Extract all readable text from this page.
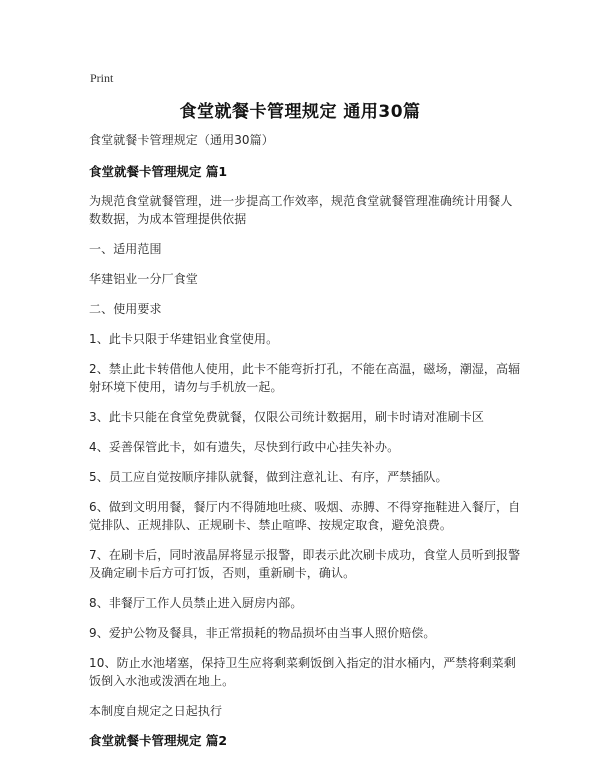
Print
食堂就餐卡管理规定 通用30篇
食堂就餐卡管理规定（通用30篇）
食堂就餐卡管理规定 篇1
为规范食堂就餐管理，进一步提高工作效率，规范食堂就餐管理准确统计用餐人数数据，为成本管理提供依据
一、适用范围
华建铝业一分厂食堂
二、使用要求
1、此卡只限于华建铝业食堂使用。
2、禁止此卡转借他人使用，此卡不能弯折打孔，不能在高温，磁场，潮湿，高辐射环境下使用，请勿与手机放一起。
3、此卡只能在食堂免费就餐，仅限公司统计数据用，刷卡时请对准刷卡区
4、妥善保管此卡，如有遗失，尽快到行政中心挂失补办。
5、员工应自觉按顺序排队就餐，做到注意礼让、有序，严禁插队。
6、做到文明用餐，餐厅内不得随地吐痰、吸烟、赤膊、不得穿拖鞋进入餐厅，自觉排队、正规排队、正规刷卡、禁止喧哗、按规定取食，避免浪费。
7、在刷卡后，同时液晶屏将显示报警，即表示此次刷卡成功，食堂人员听到报警及确定刷卡后方可打饭，否则，重新刷卡，确认。
8、非餐厅工作人员禁止进入厨房内部。
9、爱护公物及餐具，非正常损耗的物品损坏由当事人照价赔偿。
10、防止水池堵塞，保持卫生应将剩菜剩饭倒入指定的泔水桶内，严禁将剩菜剩饭倒入水池或泼洒在地上。
本制度自规定之日起执行
食堂就餐卡管理规定 篇2
